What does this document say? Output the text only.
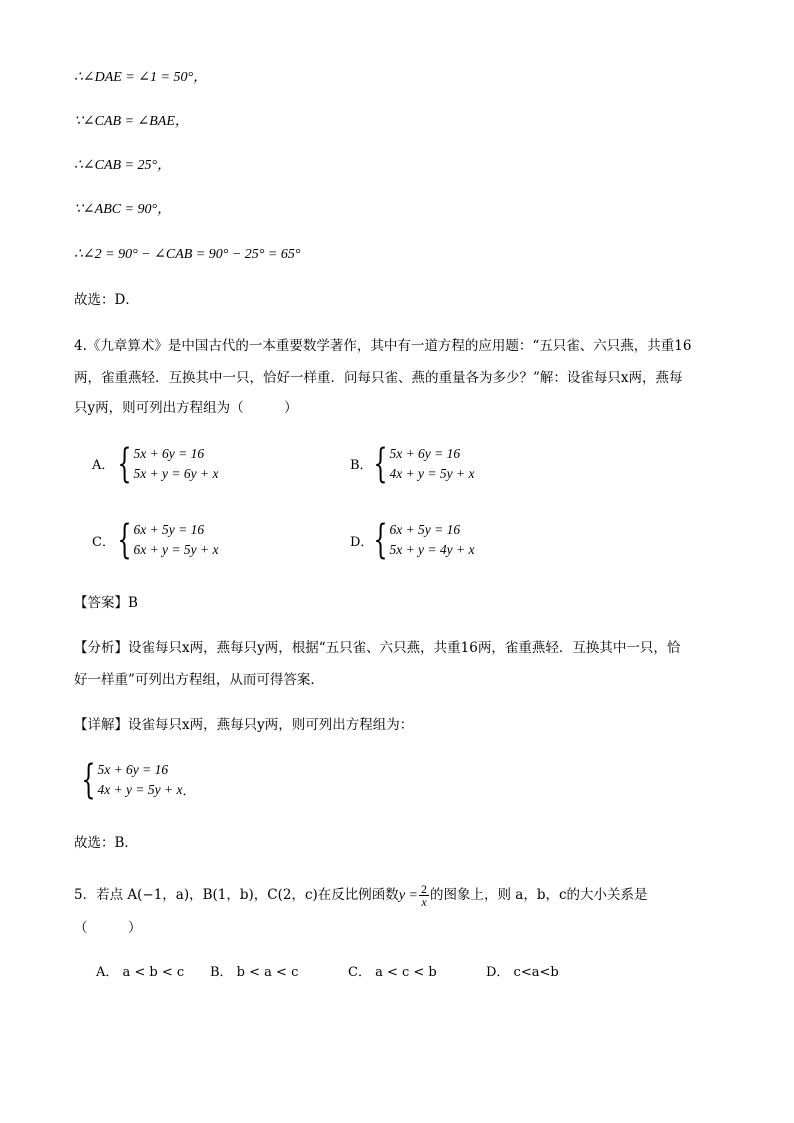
∴∠DAE = ∠1 = 50°，
∵∠CAB = ∠BAE，
∴∠CAB = 25°，
∵∠ABC = 90°，
∴∠2 = 90° − ∠CAB = 90° − 25° = 65°
故选：D．
4.《九章算术》是中国古代的一本重要数学著作，其中有一道方程的应用题：“五只雀、六只燕，共重16
两，雀重燕轻．互换其中一只，恰好一样重．问每只雀、燕的重量各为多少？”解：设雀每只x两，燕每
只y两，则可列出方程组为（　　　）
A． { 5x + 6y = 16
5x + y = 6y + x
B． { 5x + 6y = 16
4x + y = 5y + x
C． { 6x + 5y = 16
6x + y = 5y + x	D． { 6x + 5y = 16
5x + y = 4y + x
【答案】B
【分析】设雀每只x两，燕每只y两，根据“五只雀、六只燕，共重16两，雀重燕轻．互换其中一只，恰
好一样重”可列出方程组，从而可得答案．
【详解】设雀每只x两，燕每只y两，则可列出方程组为：
{ 5x + 6y = 16
4x + y = 5y + x ．
故选：B．
5．若点 A(−1，a)，B(1，b)，C(2，c)在反比例函数$y = \frac{2}{x}$ 的图象上，则 a，b，c的大小关系是
（　　　）
A． a < b < c B． b < a < c	C． a < c < b	D． c<a<b
